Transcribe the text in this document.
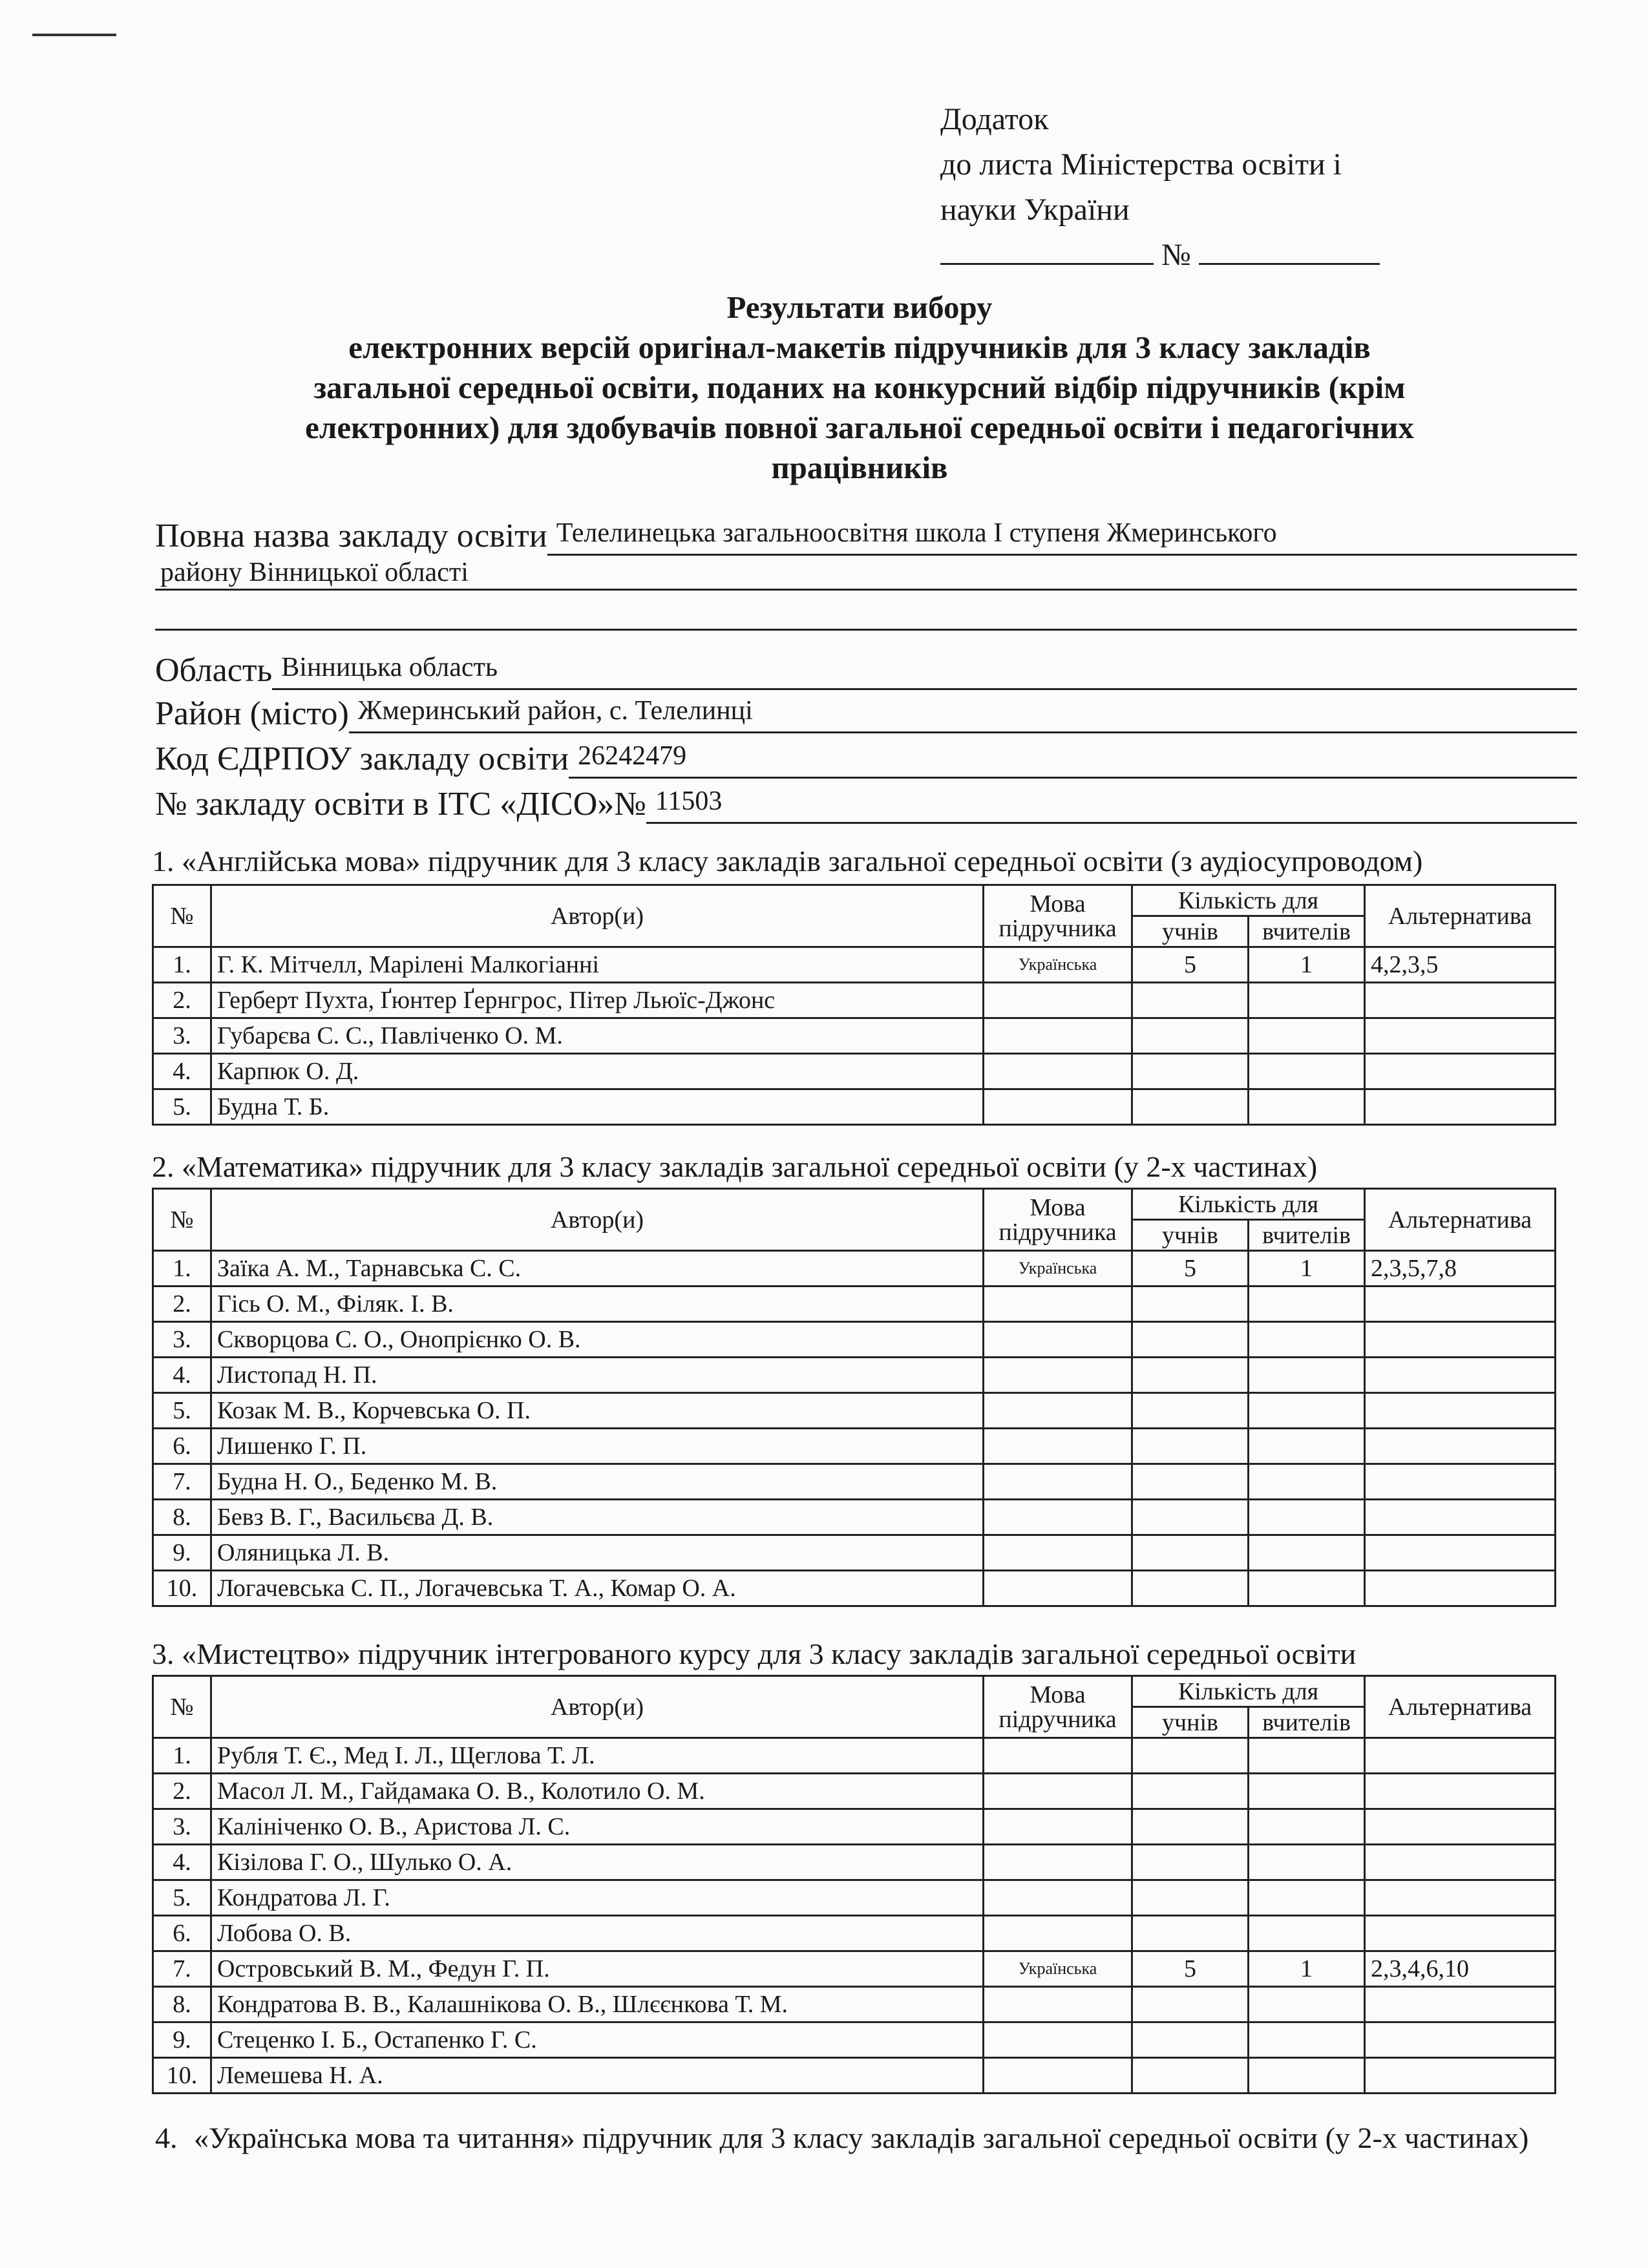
Додаток
до листа Міністерства освіти і
науки України
№
Результати вибору
електронних версій оригінал-макетів підручників для 3 класу закладів
загальної середньої освіти, поданих на конкурсний відбір підручників (крім
електронних) для здобувачів повної загальної середньої освіти і педагогічних
працівників
Повна назва закладу освіти Телелинецька загальноосвітня школа І ступеня Жмеринського
району Вінницької області
Область Вінницька область
Район (місто) Жмеринський район, с. Телелинці
Код ЄДРПОУ закладу освіти 26242479
№ закладу освіти в ІТС «ДІСО»№ 11503
1. «Англійська мова» підручник для 3 класу закладів загальної середньої освіти (з аудіосупроводом)
№	Автор(и)	Мова
підручника	Кількість для		Альтернатива
			учнів	вчителів	
1.	Г. К. Мітчелл, Марілені Малкогіанні	Українська	5	1	4,2,3,5
2.	Герберт Пухта, Ґюнтер Ґернгрос, Пітер Льюїс-Джонс				
3.	Губарєва С. С., Павліченко О. М.				
4.	Карпюк О. Д.				
5.	Будна Т. Б.				
2. «Математика» підручник для 3 класу закладів загальної середньої освіти (у 2-х частинах)
№	Автор(и)	Мова
підручника	Кількість для		Альтернатива
			учнів	вчителів	
1.	Заїка А. М., Тарнавська С. С.	Українська	5	1	2,3,5,7,8
2.	Гісь О. М., Філяк. І. В.				
3.	Скворцова С. О., Онопрієнко О. В.				
4.	Листопад Н. П.				
5.	Козак М. В., Корчевська О. П.				
6.	Лишенко Г. П.				
7.	Будна Н. О., Беденко М. В.				
8.	Бевз В. Г., Васильєва Д. В.				
9.	Оляницька Л. В.				
10.	Логачевська С. П., Логачевська Т. А., Комар О. А.				
3. «Мистецтво» підручник інтегрованого курсу для 3 класу закладів загальної середньої освіти
№	Автор(и)	Мова
підручника	Кількість для		Альтернатива
			учнів	вчителів	
1.	Рубля Т. Є., Мед І. Л., Щеглова Т. Л.				
2.	Масол Л. М., Гайдамака О. В., Колотило О. М.				
3.	Калініченко О. В., Аристова Л. С.				
4.	Кізілова Г. О., Шулько О. А.				
5.	Кондратова Л. Г.				
6.	Лобова О. В.				
7.	Островський В. М., Федун Г. П.	Українська	5	1	2,3,4,6,10
8.	Кондратова В. В., Калашнікова О. В., Шлєєнкова Т. М.				
9.	Стеценко І. Б., Остапенко Г. С.				
10.	Лемешева Н. А.				
4. «Українська мова та читання» підручник для 3 класу закладів загальної середньої освіти (у 2-х частинах)
